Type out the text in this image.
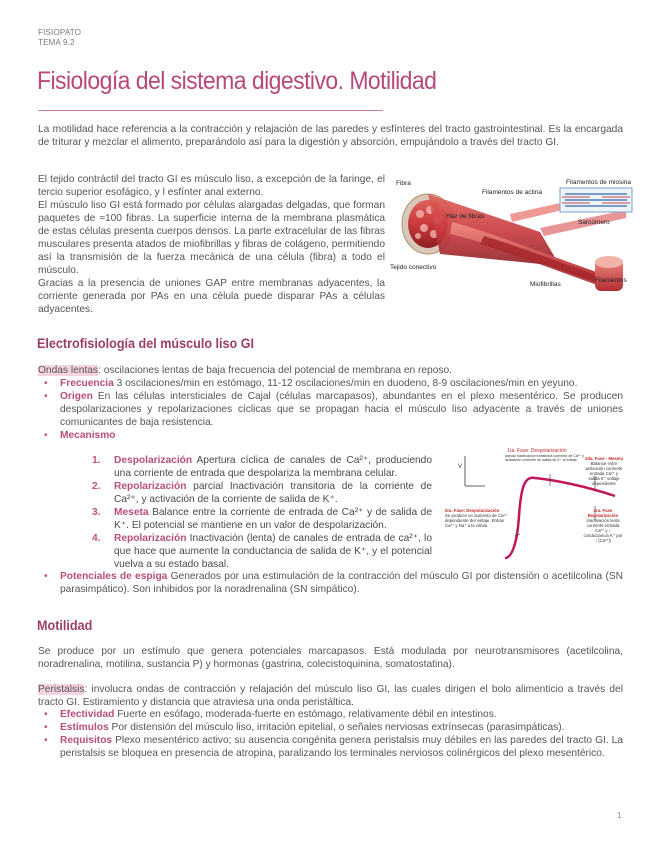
FISIOPATO
TEMA 9.2
Fisiología del sistema digestivo. Motilidad

La motilidad hace referencia a la contracción y relajación de las paredes y esfínteres del tracto gastrointestinal. Es la encargada de triturar y mezclar el alimento, preparándolo así para la digestión y absorción, empujándolo a través del tracto GI.

El tejido contráctil del tracto GI es músculo liso, a excepción de la faringe, el tercio superior esofágico, y l esfínter anal externo.

El músculo liso GI está formado por células alargadas delgadas, que forman paquetes de ≈100 fibras. La superficie interna de la membrana plasmática de estas células presenta cuerpos densos. La parte extracelular de las fibras musculares presenta atados de miofibrillas y fibras de colágeno, permitiendo así la transmisión de la fuerza mecánica de una célula (fibra) a todo el músculo.

Gracias a la presencia de uniones GAP entre membranas adyacentes, la corriente generada por PAs en una célula puede disparar PAs a células adyacentes.

Fibra
Haz de fibras
Tejido conectivo
Filamentos de actina
Filamentos de miosina
Sarcómero
Miofibrillas
Filamentos
Electrofisiología del músculo liso GI

Ondas lentas: oscilaciones lentas de baja frecuencia del potencial de membrana en reposo.

• Frecuencia 3 oscilaciones/min en estómago, 11-12 oscilaciones/min en duodeno, 8-9 oscilaciones/min en yeyuno.
• Origen En las células intersticiales de Cajal (células marcapasos), abundantes en el plexo mesentérico. Se producen despolarizaciones y repolarizaciones cíclicas que se propagan hacia el músculo liso adyacente a través de uniones comunicantes de baja resistencia.
• Mecanismo
1. Despolarización Apertura cíclica de canales de Ca²⁺, produciendo una corriente de entrada que despolariza la membrana celular.
2. Repolarización parcial Inactivación transitoria de la corriente de Ca²⁺, y activación de la corriente de salida de K⁺.
3. Meseta Balance entre la corriente de entrada de Ca²⁺ y de salida de K⁺. El potencial se mantiene en un valor de despolarización.
4. Repolarización Inactivación (lenta) de canales de entrada de ca²⁺, lo que hace que aumente la conductancia de salida de K⁺, y el potencial vuelva a su estado basal.
• Potenciales de espiga Generados por una estimulación de la contracción del músculo GI por distensión o acetilcolina (SN parasimpático). Son inhibidos por la noradrenalina (SN simpático).
V
1ra. Fase: Despolarización
parcial Inactivación transitoria corriente de Ca²⁺ y activación corriente de salida de K⁺ al voltaje	2da. Fase - Meseta
Balance entre activación corriente entrada Ca²⁺ y salida K⁺ voltaje dependiente
0ra. Fase: Despolarización
Se produce un aumento de Ca²⁺ dependiente del voltaje. Entran Ca²⁺ y Na⁺ a la célula
3ra. Fase Repolarización
Inactivación lenta corriente entrada Ca²⁺ y ↑ conductancia K⁺ por ↑ [Ca²⁺]i
Motilidad

Se produce por un estímulo que genera potenciales marcapasos. Está modulada por neurotransmisores (acetilcolina, noradrenalina, motilina, sustancia P) y hormonas (gastrina, colecistoquinina, somatostatina).

Peristalsis: involucra ondas de contracción y relajación del músculo liso GI, las cuales dirigen el bolo alimenticio a través del tracto GI. Estiramiento y distancia que atraviesa una onda peristáltica.

• Efectividad Fuerte en esófago, moderada-fuerte en estómago, relativamente débil en intestinos.
• Estímulos Por distensión del músculo liso, irritación epitelial, o señales nerviosas extrínsecas (parasimpáticas).
• Requisitos Plexo mesentérico activo; su ausencia congénita genera peristalsis muy débiles en las paredes del tracto GI. La peristalsis se bloquea en presencia de atropina, paralizando los terminales nerviosos colinérgicos del plexo mesentérico.
1
